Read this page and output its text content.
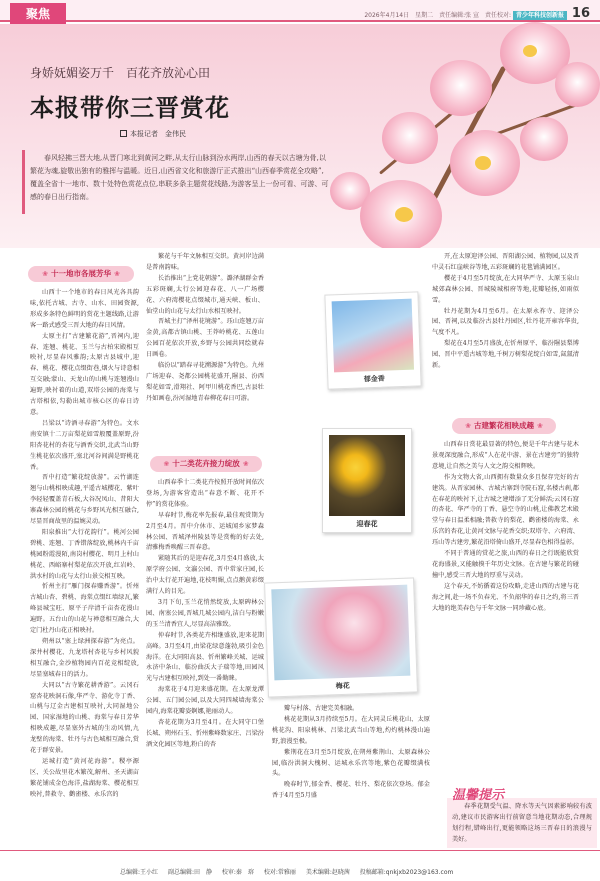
聚焦	2026年4月14日　星期二　责任编辑:张 宣　责任校对: 青少年科技创新报 16
身娇妩媚姿万千　百花齐放沁心田
本报带你三晋赏花
本报记者　金伟民
春风轻拂三晋大地,从晋门寒北到黄河之畔,从太行山脉到汾水两岸,山西的春天以古塘为骨,以繁花为魂,旋敬出独有的雅挥与温暖。近日,山西省文化和旅游厅正式推出“山西春季赏花全攻略”,覆盖全省十一地市、数十处特色赏花点位,串联多条主题赏花线路,为游客呈上一份可看、可游、可感的春日出行指南。
❀ 十一地市各展芳华 ❀

山西十一个地市的春日风光各具韵味,依托古城、古寺、山水、田园资源,形成多条特色鲜明的赏花主题线路,让游客一路式感受三晋大地的春日风情。

太原主打“古建繁花游”,晋祠内,迎春、连翘、桃花、玉兰与古柏宋殿相互映衬,尽显春风雅韵;太原古县城中,迎春、桃花、樱花点缀街巷,烟火与诗意相互交融;蒙山、天龙山的山桃与连翘漫山遍野,映衬着的山道,双塔公园的海棠与古塔相依,勾勒出城市核心区的春日诗意。

吕梁以“诗酒寻春游”为特色。文水南安镇十二万亩梨花如雪般覆盖原野,汾阳杏花村的杏花与酒香交织,北武当山野生桃花依次盛开,塞北河谷间满是野桃花香。

晋中打造“繁花绽放游”。云竹湖连翘与山桃相映成趣,平遥古城樱花、紫叶李轻轻覆盖青石板,大谷况凤山、昔阳大寨森林公园的桃花与乡野风光相互融合,尽显晋商故里的温婉灵动。

阳泉推出“大行花韵行”。桃河公园碧桃、连翘、丁香错落绽放,桃林内千亩桃园粉霞漫陌,南岗村樱花、明月上村山桃花、西峪寨村梨花依次开放,红岩岭、洪水村的山花与太行山景交相互映。

忻州主打“雁门探春赚香游”。忻州古城山杏、碧桃、海棠点缀红墙绿瓦,繁峰县城宝旺、原平子岸清千亩杏花漫山遍野。五台山的山花与禅意相互融合,大定门杜丹山花正相映衬。

朔州以“塞上绿洲探春游”为亮点。深井村樱花、九龙塔村杏花与乡村风貌相互融合,金沙植物园内百花竞相绽放,尽显塞城春日的活力。

大同以“古寺繁花耕香游”。云冈石窟杏花映洞石像,华严寺、游化寺丁香、山桃与辽金古建相互映衬,大同湿地公园、国家湿地的山桃、海棠与春日芳华相映成趣,尽显塞外古城的生动风情,九龙壁的海棠、牡丹与古色城相互融合,赏花于群安景。

运城打造“黄河花海游”。稷亭源区、关公故里花木繁茂,解州、圣天湖亩繁花铺成金色海洋,盐湖海棠、樱花相互映衬,普救寺、鹳雀楼、永乐宫的

繁花与千年文脉相互交织。黄河岸边满是普南韵味。

长治推出“上党花朝游”。潞泽湖群金香五彩斑斓,太行公园迎春花、八一广场樱花、六府湾樱花点缀城市,通天峡、板山、仙堂山的山花与太行山水相互映衬。

晋城主打“泽州花境游”。珏山连翘万亩金黄,高都古镇山桃、王莽岭桃花、五莲山公园百花依次开放,乡野与公园共同绘就春日画卷。

临汾以“踏春寻花溯源游”为特色。九州广场迎春、尧都公园桃花盛开,隰县、汾西梨花如雪,滑翔社、阿甲川桃花香巴,古县牡丹如画卷,汾河湿地青春柳花春日可游。

❀ 十二类花卉接力绽放 ❀

山西春季十二类花卉按照开放时间依次登场,为游客营造出“春意不断、花开不停”的赏花体验。

早春时节,梅花率先报春,最佳观赏期为2月至4月。晋中介休市、运城闻乡家梦森林公园、晋城泽州陵县等是赏梅的好去处,清雅梅香唤醒三晋春意。

紧随其后的是迎春花,3月至4月盛放,太原学府公园、文瀛公园、晋中常家庄园,长治中太行花开遍地,花枝明媚,点点鹅黄彩缀满行人的目光。

3月下旬,玉兰花悄然绽放,太原碑林公园、南塞公园,晋城几城公园内,洁白与粉嫩的玉兰清香宜人,尽显高洁雅致。

仲春时节,各类花卉相继盛放,迎来花期高峰。3月至4月,由梁花绿意蓬勃,吸引金色海洋。在大同阳高县、忻州繁峰关城、运城永济中条山、临汾曲沃大子瑞等地,田园风光与古建相互映衬,到处一番勤睐。

海棠花于4月迎来盛花期。在太原龙潭公园、五门园公园,以及大同四城墙海棠公园内,海棠花瓣姿婀娜,艳丽动人。

杏花花期为3月至4月。在大同守口堡长城、朔州石玉、忻州紫峰数家庄、吕梁汾酒文化园区等地,粉白的杏

郁金香
迎春花
梅花

瓣与村落、古建完美相融。

桃花花期从3月持续至5月。在大同灵丘桃花山、太原桃花沟、阳泉桃林、吕梁北武当山等地,灼灼桃林漫山遍野,浪漫至极。

紫荆花在3月至5月绽放,在朔州紫荆山、太原森林公园,临汾洪洞大槐树、运城永乐宫等地,紫色花瓣缀满枝头。

晚春时节,郁金香、樱花、牡丹、梨花依次登场。郁金香于4月至5月盛

开,在太原迎泽公园、晋阳湖公园、植物园,以及晋中灵石红崖峡谷等地,五彩斑斓的花毯铺满园区。

樱花于4月至5月绽放,在大同华严寺、太原玉泉山城郊森林公园、晋城陵城相府等地,花瓣轻扬,如雨似雪。

牡丹花期为4月至6月。在太原永祚寺、迎泽公园、晋祠,以及临汾古县牡丹园区,牡丹花开雍容华贵,气度不凡。

梨花在4月至5月盛放,在忻州原平、临汾隰县梨博园、晋中平遥古城等地,千树万树梨花绽白如雪,氤氲清新。

❀ 古建繁花相映成趣 ❀

山西春日赏花最显著的特色,便是千年古建与花木景观深度融合,形成“人在花中游、景在古建旁”的独特意境,让自然之美与人文之韵交相辉映。

作为文物大省,山西拥有数量众多且保存完好的古建筑。从晋家园林、古城古寨到寺院石窟,名楼古刹,都在春花的映衬下,让古城之建增添了无分鲜活;云冈石窟的杏花、华严寺的丁香、悬空寺的山桃,让佛教艺术殿堂与春日温柔相融;普救寺的梨花、鹳雀楼的海棠、永乐宫的杏花,让黄河文脉与花香交织;双塔寺、六府湾、珏山等古建旁,繁花沿塔倚山盛开,尽显春色相得益彰。

不同于普通的赏花之旅,山西的春日之行既能欣赏花海盛景,又能触摸千年历史文脉。在古建与繁花的碰撞中,感受三晋大地的厚重与灵动。

这个春天,不妨循着这份攻略,走进山西的古建与花海之间,赴一场不负春光、不负韶华的春日之约,将三晋大地的绝美春色与千年文脉一同珍藏心底。

温馨提示

春季花期受气温、降水等天气因素影响较有波动,建议市民游客出行前留意当地花期动态,合理规划行程,错峰出行,更能领略这场三晋春日的浪漫与美好。

总编辑:王小红 副总编辑:田　静 校审:秦　瑢 校对:常雅丽 美术编辑:赵晓茜 投稿邮箱:qnkjxb2023@163.com
